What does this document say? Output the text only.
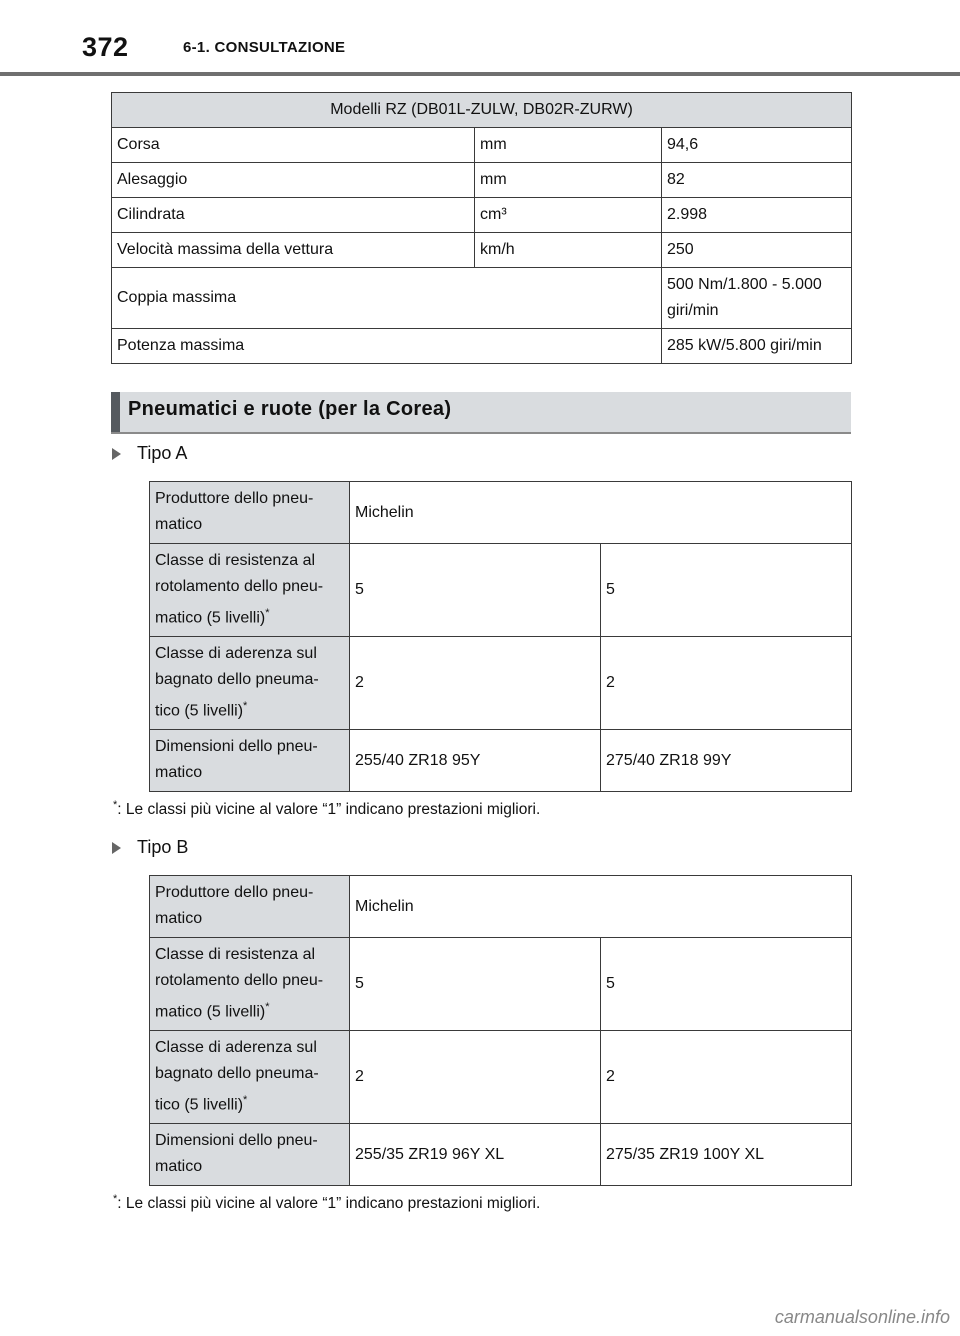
372	6-1. CONSULTAZIONE
Modelli RZ (DB01L-ZULW, DB02R-ZURW)		
Corsa	mm	94,6
Alesaggio	mm	82
Cilindrata	cm³	2.998
Velocità massima della vettura	km/h	250
Coppia massima		500 Nm/1.800 - 5.000
giri/min

Potenza massima		285 kW/5.800 giri/min
Pneumatici e ruote (per la Corea)
Tipo A
Produttore dello pneu-
matico	Michelin	

Classe di resistenza al
rotolamento dello pneu-
matico (5 livelli)*	5	5

Classe di aderenza sul
bagnato dello pneuma-
tico (5 livelli)*	2	2

Dimensioni dello pneu-
matico	255/40 ZR18 95Y	275/40 ZR18 99Y
*: Le classi più vicine al valore “1” indicano prestazioni migliori.
Tipo B
Produttore dello pneu-
matico	Michelin	

Classe di resistenza al
rotolamento dello pneu-
matico (5 livelli)*	5	5

Classe di aderenza sul
bagnato dello pneuma-
tico (5 livelli)*	2	2

Dimensioni dello pneu-
matico	255/35 ZR19 96Y XL	275/35 ZR19 100Y XL
*: Le classi più vicine al valore “1” indicano prestazioni migliori.
carmanualsonline.info
